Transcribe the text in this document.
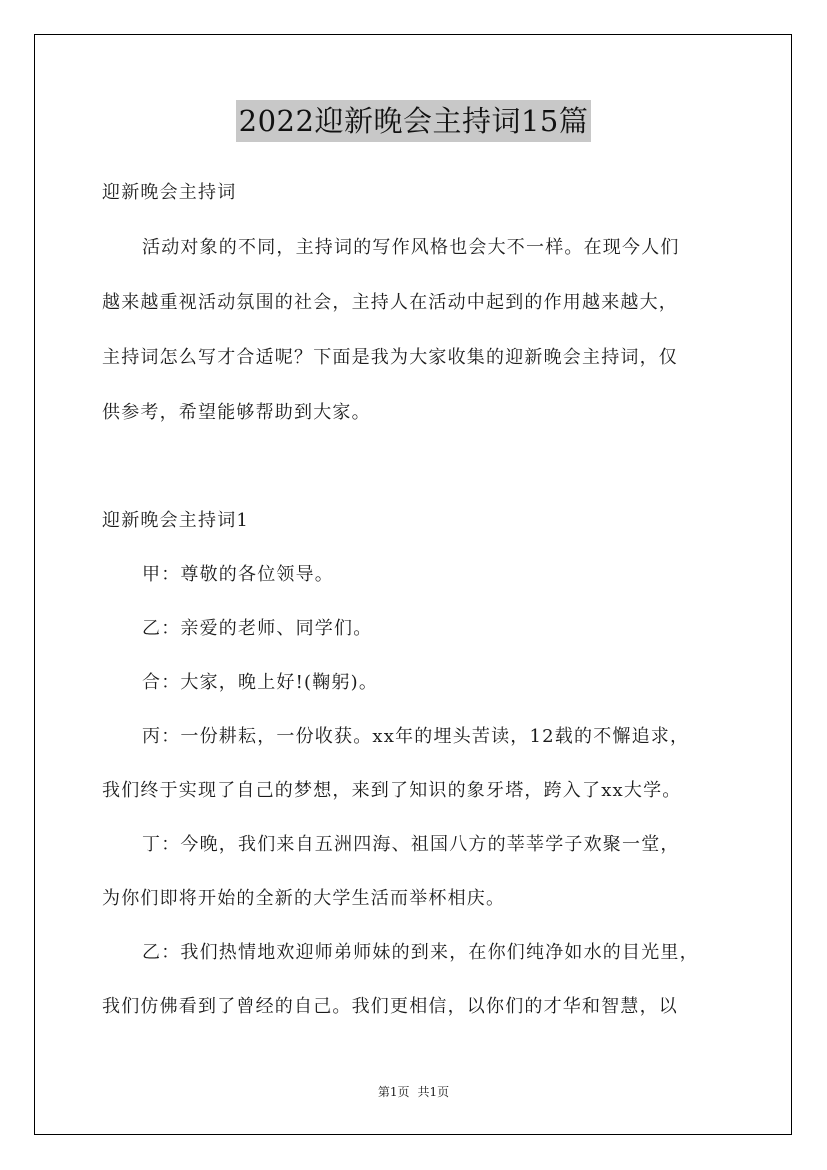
2022迎新晚会主持词15篇
迎新晚会主持词
活动对象的不同，主持词的写作风格也会大不一样。在现今人们
越来越重视活动氛围的社会，主持人在活动中起到的作用越来越大，
主持词怎么写才合适呢？下面是我为大家收集的迎新晚会主持词，仅
供参考，希望能够帮助到大家。
迎新晚会主持词1
甲：尊敬的各位领导。
乙：亲爱的老师、同学们。
合：大家，晚上好!(鞠躬)。
丙：一份耕耘，一份收获。xx年的埋头苦读，12载的不懈追求，
我们终于实现了自己的梦想，来到了知识的象牙塔，跨入了xx大学。
丁：今晚，我们来自五洲四海、祖国八方的莘莘学子欢聚一堂，
为你们即将开始的全新的大学生活而举杯相庆。
乙：我们热情地欢迎师弟师妹的到来，在你们纯净如水的目光里，
我们仿佛看到了曾经的自己。我们更相信，以你们的才华和智慧，以
第1页 共1页
